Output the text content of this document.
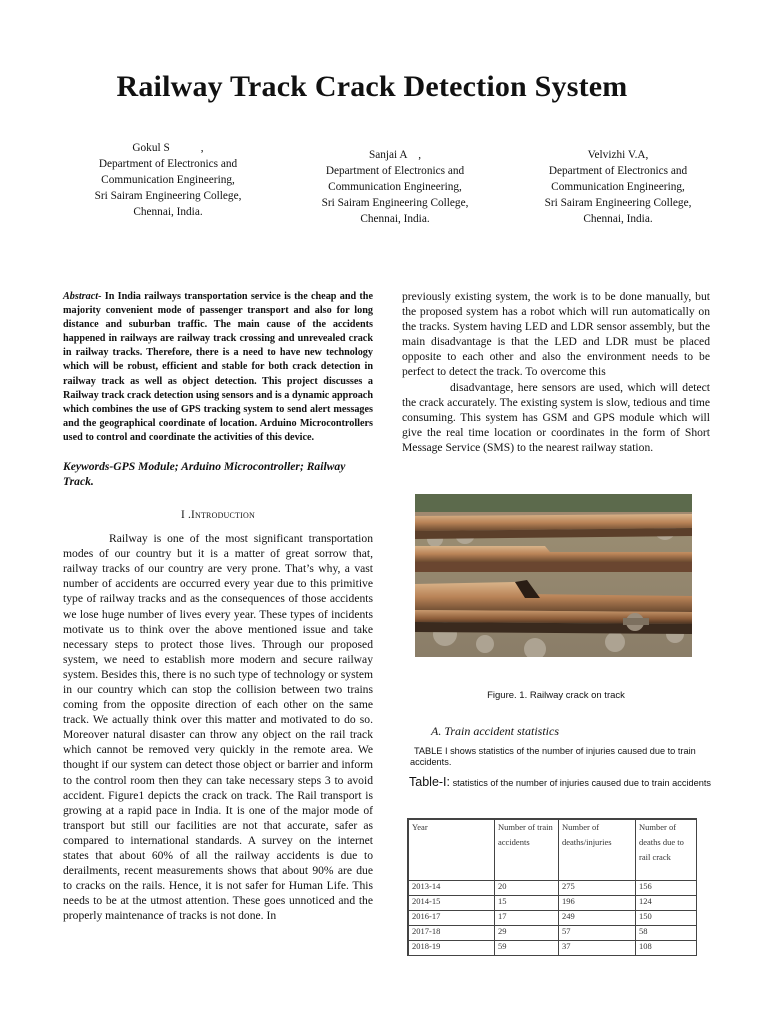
Railway Track Crack Detection System
Gokul S           ,
Department of Electronics and
Communication Engineering,
Sri Sairam Engineering College,
Chennai, India.
Sanjai A    ,
Department of Electronics and
Communication Engineering,
Sri Sairam Engineering College,
Chennai, India.
Velvizhi V.A,
Department of Electronics and
Communication Engineering,
Sri Sairam Engineering College,
Chennai, India.

Abstract- In India railways transportation service is the cheap and the majority convenient mode of passenger transport and also for long distance and suburban traffic. The main cause of the accidents happened in railways are railway track crossing and unrevealed crack in railway tracks. Therefore, there is a need to have new technology which will be robust, efficient and stable for both crack detection in railway track as well as object detection. This project discusses a Railway track crack detection using sensors and is a dynamic approach which combines the use of GPS tracking system to send alert messages and the geographical coordinate of location. Arduino Microcontrollers used to control and coordinate the activities of this device.

Keywords-GPS Module; Arduino Microcontroller; Railway Track.

I .Introduction

Railway is one of the most significant transportation modes of our country but it is a matter of great sorrow that, railway tracks of our country are very prone. That’s why, a vast number of accidents are occurred every year due to this primitive type of railway tracks and as the consequences of those accidents we lose huge number of lives every year. These types of incidents motivate us to think over the above mentioned issue and take necessary steps to protect those lives. Through our proposed system, we need to establish more modern and secure railway system. Besides this, there is no such type of technology or system in our country which can stop the collision between two trains coming from the opposite direction of each other on the same track. We actually think over this matter and motivated to do so. Moreover natural disaster can throw any object on the rail track which cannot be removed very quickly in the remote area. We thought if our system can detect those object or barrier and inform to the control room then they can take necessary steps 3 to avoid accident. Figure1 depicts the crack on track. The Rail transport is growing at a rapid pace in India. It is one of the major mode of transport but still our facilities are not that accurate, safer as compared to international standards. A survey on the internet states that about 60% of all the railway accidents is due to derailments, recent measurements shows that about 90% are due to cracks on the rails. Hence, it is not safer for Human Life. This needs to be at the utmost attention. These goes unnoticed and the properly maintenance of tracks is not done. In

previously existing system, the work is to be done manually, but the proposed system has a robot which will run automatically on the tracks. System having LED and LDR sensor assembly, but the main disadvantage is that the LED and LDR must be placed opposite to each other and also the environment needs to be perfect to detect the track. To overcome this

disadvantage, here sensors are used, which will detect the crack accurately. The existing system is slow, tedious and time consuming. This system has GSM and GPS module which will give the real time location or coordinates in the form of Short Message Service (SMS) to the nearest railway station.

Figure. 1. Railway crack on track
A. Train accident statistics
TABLE I shows statistics of the number of injuries caused due to train accidents.
Table-I: statistics of the number of injuries caused due to train accidents
Year	Number of train accidents	Number of deaths/injuries	Number of deaths due to rail crack
2013-14	20	275	156
2014-15	15	196	124
2016-17	17	249	150
2017-18	29	57	58
2018-19	59	37	108
